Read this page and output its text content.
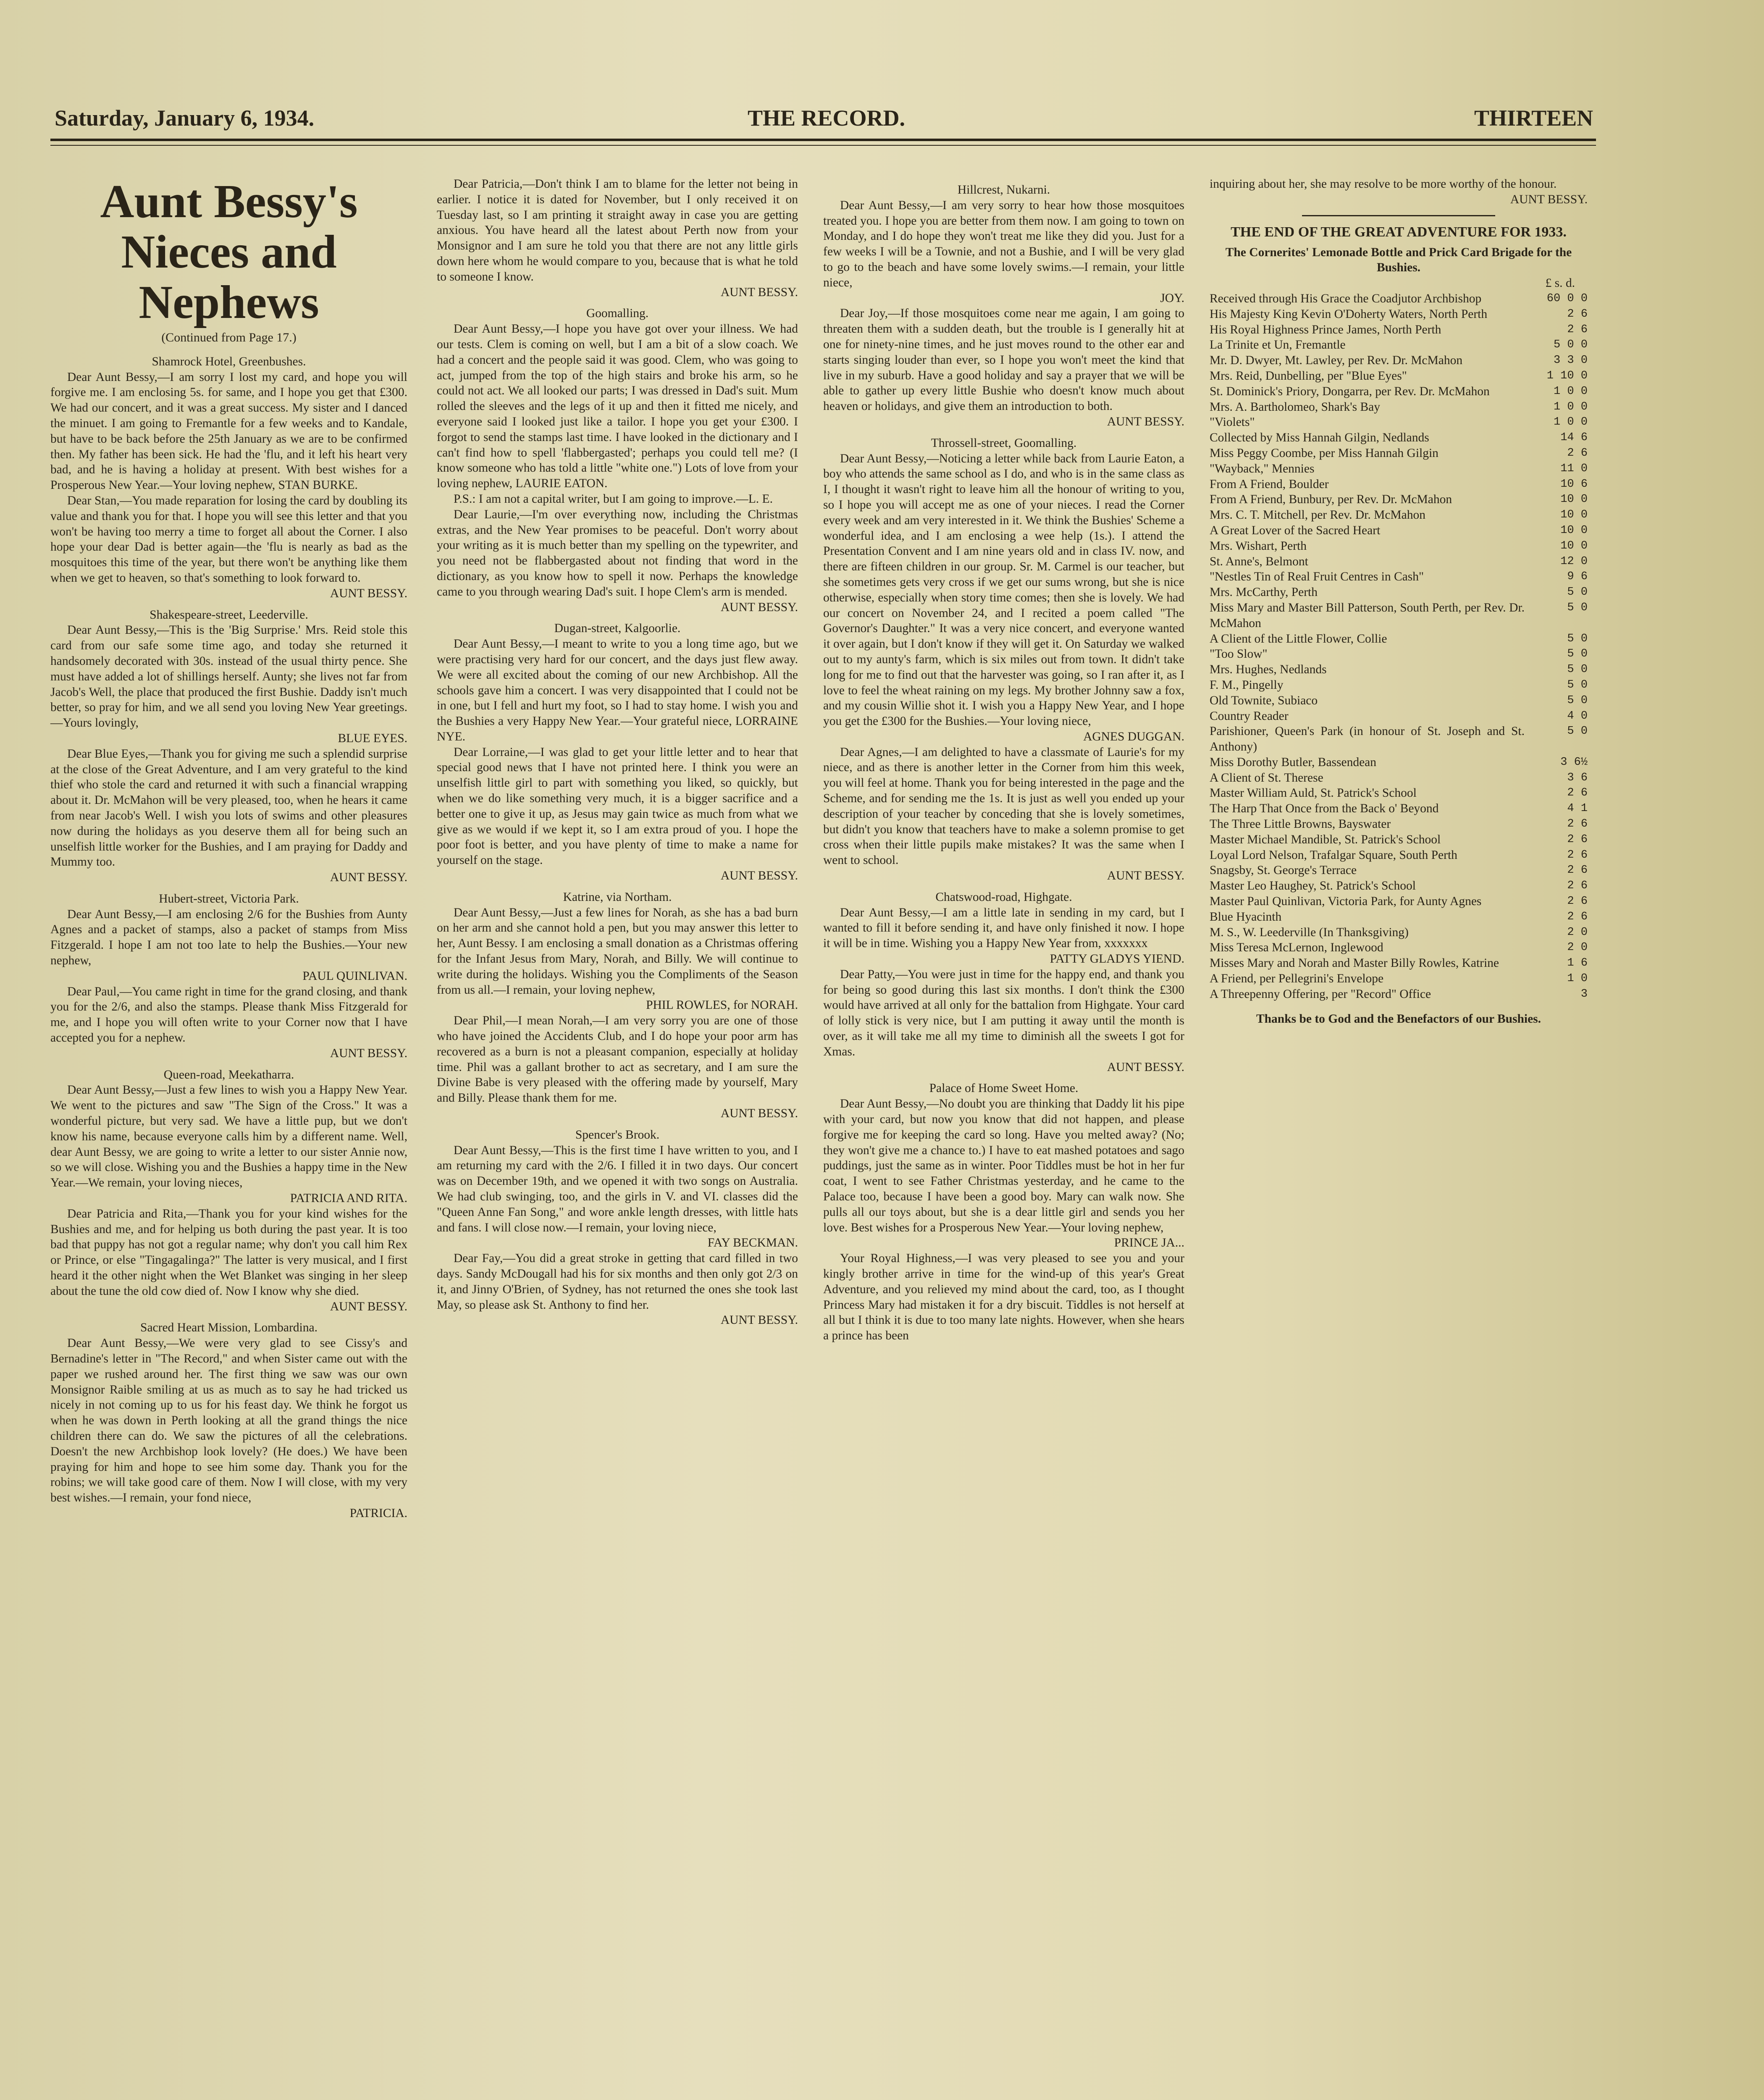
Saturday, January 6, 1934.	THE RECORD.	THIRTEEN
Aunt Bessy's Nieces and Nephews
(Continued from Page 17.)

Shamrock Hotel, Greenbushes.

Dear Aunt Bessy,—I am sorry I lost my card, and hope you will forgive me. I am enclosing 5s. for same, and I hope you get that £300. We had our concert, and it was a great success. My sister and I danced the minuet. I am going to Fremantle for a few weeks and to Kandale, but have to be back before the 25th January as we are to be confirmed then. My father has been sick. He had the 'flu, and it left his heart very bad, and he is having a holiday at present. With best wishes for a Prosperous New Year.—Your loving nephew, STAN BURKE.

Dear Stan,—You made reparation for losing the card by doubling its value and thank you for that. I hope you will see this letter and that you won't be having too merry a time to forget all about the Corner. I also hope your dear Dad is better again—the 'flu is nearly as bad as the mosquitoes this time of the year, but there won't be anything like them when we get to heaven, so that's something to look forward to.

AUNT BESSY.

Shakespeare-street, Leederville.

Dear Aunt Bessy,—This is the 'Big Surprise.' Mrs. Reid stole this card from our safe some time ago, and today she returned it handsomely decorated with 30s. instead of the usual thirty pence. She must have added a lot of shillings herself. Aunty; she lives not far from Jacob's Well, the place that produced the first Bushie. Daddy isn't much better, so pray for him, and we all send you loving New Year greetings.—Yours lovingly,

BLUE EYES.

Dear Blue Eyes,—Thank you for giving me such a splendid surprise at the close of the Great Adventure, and I am very grateful to the kind thief who stole the card and returned it with such a financial wrapping about it. Dr. McMahon will be very pleased, too, when he hears it came from near Jacob's Well. I wish you lots of swims and other pleasures now during the holidays as you deserve them all for being such an unselfish little worker for the Bushies, and I am praying for Daddy and Mummy too.

AUNT BESSY.

Hubert-street, Victoria Park.

Dear Aunt Bessy,—I am enclosing 2/6 for the Bushies from Aunty Agnes and a packet of stamps, also a packet of stamps from Miss Fitzgerald. I hope I am not too late to help the Bushies.—Your new nephew,

PAUL QUINLIVAN.

Dear Paul,—You came right in time for the grand closing, and thank you for the 2/6, and also the stamps. Please thank Miss Fitzgerald for me, and I hope you will often write to your Corner now that I have accepted you for a nephew.

AUNT BESSY.

Queen-road, Meekatharra.

Dear Aunt Bessy,—Just a few lines to wish you a Happy New Year. We went to the pictures and saw "The Sign of the Cross." It was a wonderful picture, but very sad. We have a little pup, but we don't know his name, because everyone calls him by a different name. Well, dear Aunt Bessy, we are going to write a letter to our sister Annie now, so we will close. Wishing you and the Bushies a happy time in the New Year.—We remain, your loving nieces,

PATRICIA AND RITA.

Dear Patricia and Rita,—Thank you for your kind wishes for the Bushies and me, and for helping us both during the past year. It is too bad that puppy has not got a regular name; why don't you call him Rex or Prince, or else "Tingagalinga?" The latter is very musical, and I first heard it the other night when the Wet Blanket was singing in her sleep about the tune the old cow died of. Now I know why she died.

AUNT BESSY.

Sacred Heart Mission, Lombardina.

Dear Aunt Bessy,—We were very glad to see Cissy's and Bernadine's letter in "The Record," and when Sister came out with the paper we rushed around her. The first thing we saw was our own Monsignor Raible smiling at us as much as to say he had tricked us nicely in not coming up to us for his feast day. We think he forgot us when he was down in Perth looking at all the grand things the nice children there can do. We saw the pictures of all the celebrations. Doesn't the new Archbishop look lovely? (He does.) We have been praying for him and hope to see him some day. Thank you for the robins; we will take good care of them. Now I will close, with my very best wishes.—I remain, your fond niece,

PATRICIA.

Dear Patricia,—Don't think I am to blame for the letter not being in earlier. I notice it is dated for November, but I only received it on Tuesday last, so I am printing it straight away in case you are getting anxious. You have heard all the latest about Perth now from your Monsignor and I am sure he told you that there are not any little girls down here whom he would compare to you, because that is what he told to someone I know.

AUNT BESSY.

Goomalling.

Dear Aunt Bessy,—I hope you have got over your illness. We had our tests. Clem is coming on well, but I am a bit of a slow coach. We had a concert and the people said it was good. Clem, who was going to act, jumped from the top of the high stairs and broke his arm, so he could not act. We all looked our parts; I was dressed in Dad's suit. Mum rolled the sleeves and the legs of it up and then it fitted me nicely, and everyone said I looked just like a tailor. I hope you get your £300. I forgot to send the stamps last time. I have looked in the dictionary and I can't find how to spell 'flabbergasted'; perhaps you could tell me? (I know someone who has told a little "white one.") Lots of love from your loving nephew, LAURIE EATON.

P.S.: I am not a capital writer, but I am going to improve.—L. E.

Dear Laurie,—I'm over everything now, including the Christmas extras, and the New Year promises to be peaceful. Don't worry about your writing as it is much better than my spelling on the typewriter, and you need not be flabbergasted about not finding that word in the dictionary, as you know how to spell it now. Perhaps the knowledge came to you through wearing Dad's suit. I hope Clem's arm is mended.

AUNT BESSY.

Dugan-street, Kalgoorlie.

Dear Aunt Bessy,—I meant to write to you a long time ago, but we were practising very hard for our concert, and the days just flew away. We were all excited about the coming of our new Archbishop. All the schools gave him a concert. I was very disappointed that I could not be in one, but I fell and hurt my foot, so I had to stay home. I wish you and the Bushies a very Happy New Year.—Your grateful niece, LORRAINE NYE.

Dear Lorraine,—I was glad to get your little letter and to hear that special good news that I have not printed here. I think you were an unselfish little girl to part with something you liked, so quickly, but when we do like something very much, it is a bigger sacrifice and a better one to give it up, as Jesus may gain twice as much from what we give as we would if we kept it, so I am extra proud of you. I hope the poor foot is better, and you have plenty of time to make a name for yourself on the stage.

AUNT BESSY.

Katrine, via Northam.

Dear Aunt Bessy,—Just a few lines for Norah, as she has a bad burn on her arm and she cannot hold a pen, but you may answer this letter to her, Aunt Bessy. I am enclosing a small donation as a Christmas offering for the Infant Jesus from Mary, Norah, and Billy. We will continue to write during the holidays. Wishing you the Compliments of the Season from us all.—I remain, your loving nephew,

PHIL ROWLES, for NORAH.

Dear Phil,—I mean Norah,—I am very sorry you are one of those who have joined the Accidents Club, and I do hope your poor arm has recovered as a burn is not a pleasant companion, especially at holiday time. Phil was a gallant brother to act as secretary, and I am sure the Divine Babe is very pleased with the offering made by yourself, Mary and Billy. Please thank them for me.

AUNT BESSY.

Spencer's Brook.

Dear Aunt Bessy,—This is the first time I have written to you, and I am returning my card with the 2/6. I filled it in two days. Our concert was on December 19th, and we opened it with two songs on Australia. We had club swinging, too, and the girls in V. and VI. classes did the "Queen Anne Fan Song," and wore ankle length dresses, with little hats and fans. I will close now.—I remain, your loving niece,

FAY BECKMAN.

Dear Fay,—You did a great stroke in getting that card filled in two days. Sandy McDougall had his for six months and then only got 2/3 on it, and Jinny O'Brien, of Sydney, has not returned the ones she took last May, so please ask St. Anthony to find her.

AUNT BESSY.

Hillcrest, Nukarni.

Dear Aunt Bessy,—I am very sorry to hear how those mosquitoes treated you. I hope you are better from them now. I am going to town on Monday, and I do hope they won't treat me like they did you. Just for a few weeks I will be a Townie, and not a Bushie, and I will be very glad to go to the beach and have some lovely swims.—I remain, your little niece,

JOY.

Dear Joy,—If those mosquitoes come near me again, I am going to threaten them with a sudden death, but the trouble is I generally hit at one for ninety-nine times, and he just moves round to the other ear and starts singing louder than ever, so I hope you won't meet the kind that live in my suburb. Have a good holiday and say a prayer that we will be able to gather up every little Bushie who doesn't know much about heaven or holidays, and give them an introduction to both.

AUNT BESSY.

Throssell-street, Goomalling.

Dear Aunt Bessy,—Noticing a letter while back from Laurie Eaton, a boy who attends the same school as I do, and who is in the same class as I, I thought it wasn't right to leave him all the honour of writing to you, so I hope you will accept me as one of your nieces. I read the Corner every week and am very interested in it. We think the Bushies' Scheme a wonderful idea, and I am enclosing a wee help (1s.). I attend the Presentation Convent and I am nine years old and in class IV. now, and there are fifteen children in our group. Sr. M. Carmel is our teacher, but she sometimes gets very cross if we get our sums wrong, but she is nice otherwise, especially when story time comes; then she is lovely. We had our concert on November 24, and I recited a poem called "The Governor's Daughter." It was a very nice concert, and everyone wanted it over again, but I don't know if they will get it. On Saturday we walked out to my aunty's farm, which is six miles out from town. It didn't take long for me to find out that the harvester was going, so I ran after it, as I love to feel the wheat raining on my legs. My brother Johnny saw a fox, and my cousin Willie shot it. I wish you a Happy New Year, and I hope you get the £300 for the Bushies.—Your loving niece,

AGNES DUGGAN.

Dear Agnes,—I am delighted to have a classmate of Laurie's for my niece, and as there is another letter in the Corner from him this week, you will feel at home. Thank you for being interested in the page and the Scheme, and for sending me the 1s. It is just as well you ended up your description of your teacher by conceding that she is lovely sometimes, but didn't you know that teachers have to make a solemn promise to get cross when their little pupils make mistakes? It was the same when I went to school.

AUNT BESSY.

Chatswood-road, Highgate.

Dear Aunt Bessy,—I am a little late in sending in my card, but I wanted to fill it before sending it, and have only finished it now. I hope it will be in time. Wishing you a Happy New Year from, xxxxxxx

PATTY GLADYS YIEND.

Dear Patty,—You were just in time for the happy end, and thank you for being so good during this last six months. I don't think the £300 would have arrived at all only for the battalion from Highgate. Your card of lolly stick is very nice, but I am putting it away until the month is over, as it will take me all my time to diminish all the sweets I got for Xmas.

AUNT BESSY.

Palace of Home Sweet Home.

Dear Aunt Bessy,—No doubt you are thinking that Daddy lit his pipe with your card, but now you know that did not happen, and please forgive me for keeping the card so long. Have you melted away? (No; they won't give me a chance to.) I have to eat mashed potatoes and sago puddings, just the same as in winter. Poor Tiddles must be hot in her fur coat, I went to see Father Christmas yesterday, and he came to the Palace too, because I have been a good boy. Mary can walk now. She pulls all our toys about, but she is a dear little girl and sends you her love. Best wishes for a Prosperous New Year.—Your loving nephew,

PRINCE JA...

Your Royal Highness,—I was very pleased to see you and your kingly brother arrive in time for the wind-up of this year's Great Adventure, and you relieved my mind about the card, too, as I thought Princess Mary had mistaken it for a dry biscuit. Tiddles is not herself at all but I think it is due to too many late nights. However, when she hears a prince has been

inquiring about her, she may resolve to be more worthy of the honour.

AUNT BESSY.

THE END OF THE GREAT ADVENTURE FOR 1933.

The Cornerites' Lemonade Bottle and Prick Card Brigade for the Bushies.

£ s. d.
Received through His Grace the Coadjutor Archbishop	60 0 0
His Majesty King Kevin O'Doherty Waters, North Perth	2 6
His Royal Highness Prince James, North Perth	2 6
La Trinite et Un, Fremantle	5 0 0
Mr. D. Dwyer, Mt. Lawley, per Rev. Dr. McMahon	3 3 0
Mrs. Reid, Dunbelling, per "Blue Eyes"	1 10 0
St. Dominick's Priory, Dongarra, per Rev. Dr. McMahon	1 0 0
Mrs. A. Bartholomeo, Shark's Bay	1 0 0
"Violets"	1 0 0
Collected by Miss Hannah Gilgin, Nedlands	14 6
Miss Peggy Coombe, per Miss Hannah Gilgin	2 6
"Wayback," Mennies	11 0
From A Friend, Boulder	10 6
From A Friend, Bunbury, per Rev. Dr. McMahon	10 0
Mrs. C. T. Mitchell, per Rev. Dr. McMahon	10 0
A Great Lover of the Sacred Heart	10 0
Mrs. Wishart, Perth	10 0
St. Anne's, Belmont	12 0
"Nestles Tin of Real Fruit Centres in Cash"	9 6
Mrs. McCarthy, Perth	5 0
Miss Mary and Master Bill Patterson, South Perth, per Rev. Dr. McMahon
5 0
A Client of the Little Flower, Collie	5 0
"Too Slow"	5 0
Mrs. Hughes, Nedlands	5 0
F. M., Pingelly	5 0
Old Townite, Subiaco	5 0
Country Reader	4 0
Parishioner, Queen's Park (in honour of St. Joseph and St. Anthony)
5 0
Miss Dorothy Butler, Bassendean	3 6½
A Client of St. Therese	3 6
Master William Auld, St. Patrick's School	2 6
The Harp That Once from the Back o' Beyond	4 1
The Three Little Browns, Bayswater	2 6
Master Michael Mandible, St. Patrick's School	2 6
Loyal Lord Nelson, Trafalgar Square, South Perth	2 6
Snagsby, St. George's Terrace	2 6
Master Leo Haughey, St. Patrick's School	2 6
Master Paul Quinlivan, Victoria Park, for Aunty Agnes	2 6
Blue Hyacinth	2 6
M. S., W. Leederville (In Thanksgiving)	2 0
Miss Teresa McLernon, Inglewood	2 0
Misses Mary and Norah and Master Billy Rowles, Katrine	1 6
A Friend, per Pellegrini's Envelope	1 0
A Threepenny Offering, per "Record" Office	3

Thanks be to God and the Benefactors of our Bushies.
